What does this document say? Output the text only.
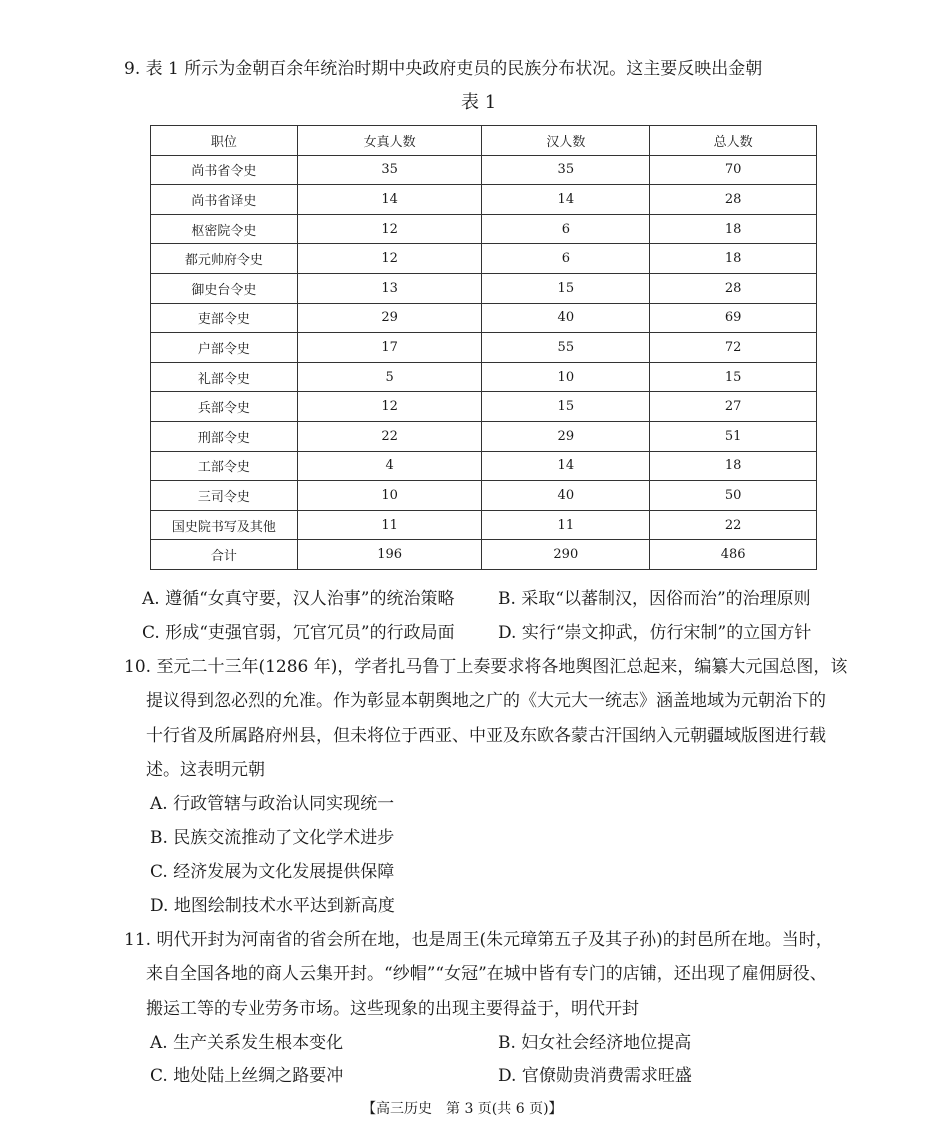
9. 表 1 所示为金朝百余年统治时期中央政府吏员的民族分布状况。这主要反映出金朝
表 1
职位	女真人数	汉人数	总人数
尚书省令史	35	35	70
尚书省译史	14	14	28
枢密院令史	12	6	18
都元帅府令史	12	6	18
御史台令史	13	15	28
吏部令史	29	40	69
户部令史	17	55	72
礼部令史	5	10	15
兵部令史	12	15	27
刑部令史	22	29	51
工部令史	4	14	18
三司令史	10	40	50
国史院书写及其他	11	11	22
合计	196	290	486
A. 遵循“女真守要，汉人治事”的统治策略	B. 采取“以蕃制汉，因俗而治”的治理原则
C. 形成“吏强官弱，冗官冗员”的行政局面	D. 实行“崇文抑武，仿行宋制”的立国方针
10. 至元二十三年(1286 年)，学者扎马鲁丁上奏要求将各地舆图汇总起来，编纂大元国总图，该
提议得到忽必烈的允准。作为彰显本朝舆地之广的《大元大一统志》涵盖地域为元朝治下的
十行省及所属路府州县，但未将位于西亚、中亚及东欧各蒙古汗国纳入元朝疆域版图进行载
述。这表明元朝
A. 行政管辖与政治认同实现统一
B. 民族交流推动了文化学术进步
C. 经济发展为文化发展提供保障
D. 地图绘制技术水平达到新高度
11. 明代开封为河南省的省会所在地，也是周王(朱元璋第五子及其子孙)的封邑所在地。当时，
来自全国各地的商人云集开封。“纱帽”“女冠”在城中皆有专门的店铺，还出现了雇佣厨役、
搬运工等的专业劳务市场。这些现象的出现主要得益于，明代开封
A. 生产关系发生根本变化	B. 妇女社会经济地位提高
C. 地处陆上丝绸之路要冲	D. 官僚勋贵消费需求旺盛
【高三历史　第 3 页(共 6 页)】
